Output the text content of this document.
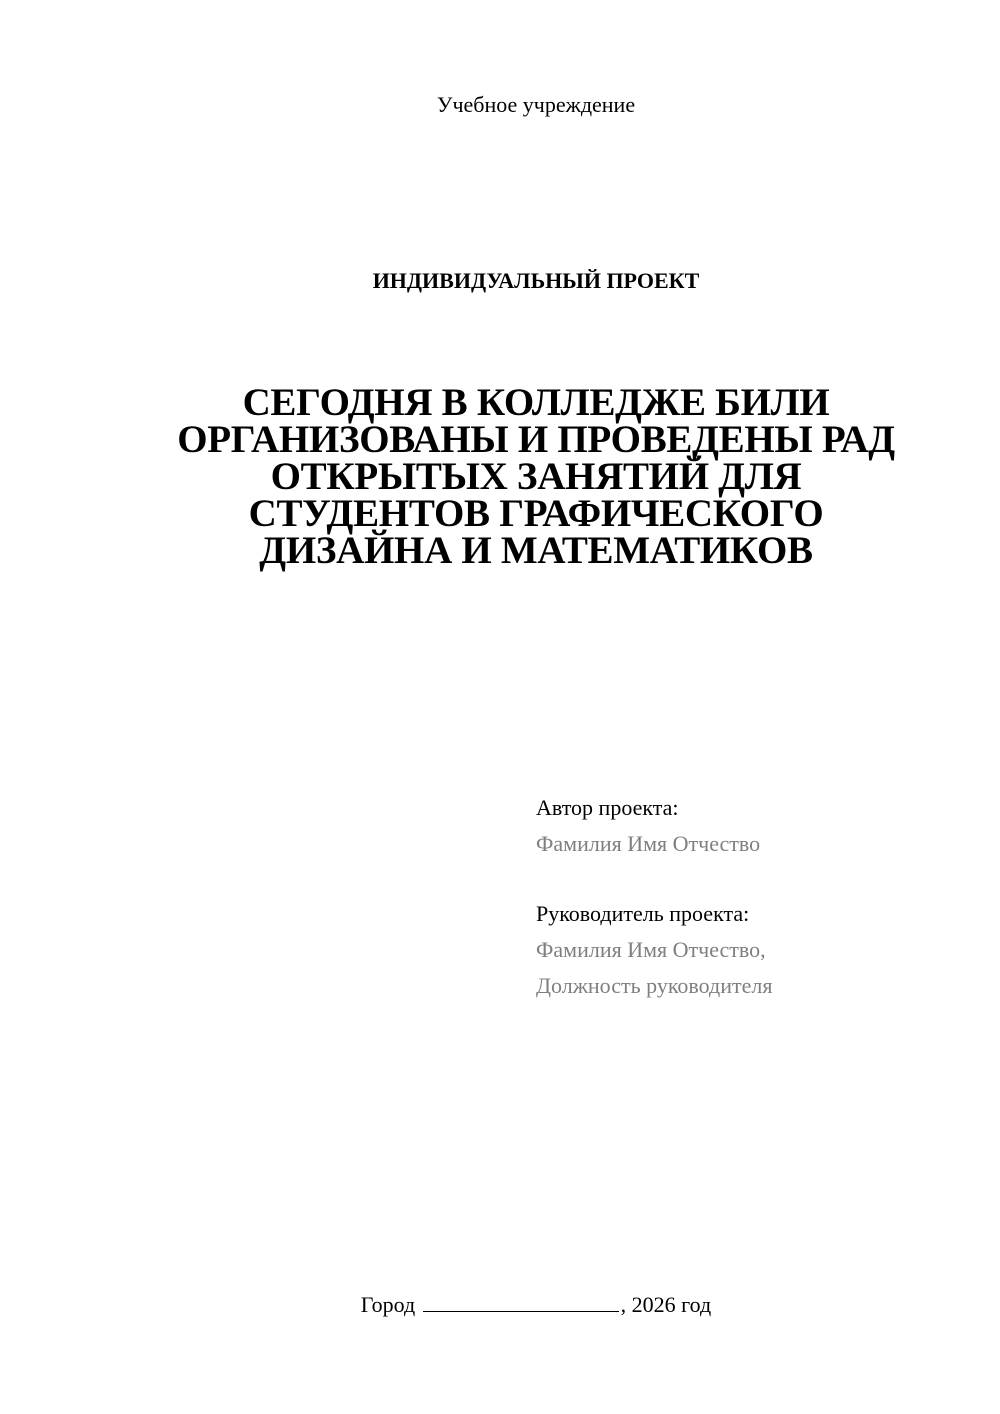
Учебное учреждение
ИНДИВИДУАЛЬНЫЙ ПРОЕКТ
СЕГОДНЯ В КОЛЛЕДЖЕ БИЛИ
ОРГАНИЗОВАНЫ И ПРОВЕДЕНЫ РАД
ОТКРЫТЫХ ЗАНЯТИЙ ДЛЯ
СТУДЕНТОВ ГРАФИЧЕСКОГО
ДИЗАЙНА И МАТЕМАТИКОВ
Автор проекта:
Фамилия Имя Отчество
Руководитель проекта:
Фамилия Имя Отчество,
Должность руководителя
Город	, 2026 год
